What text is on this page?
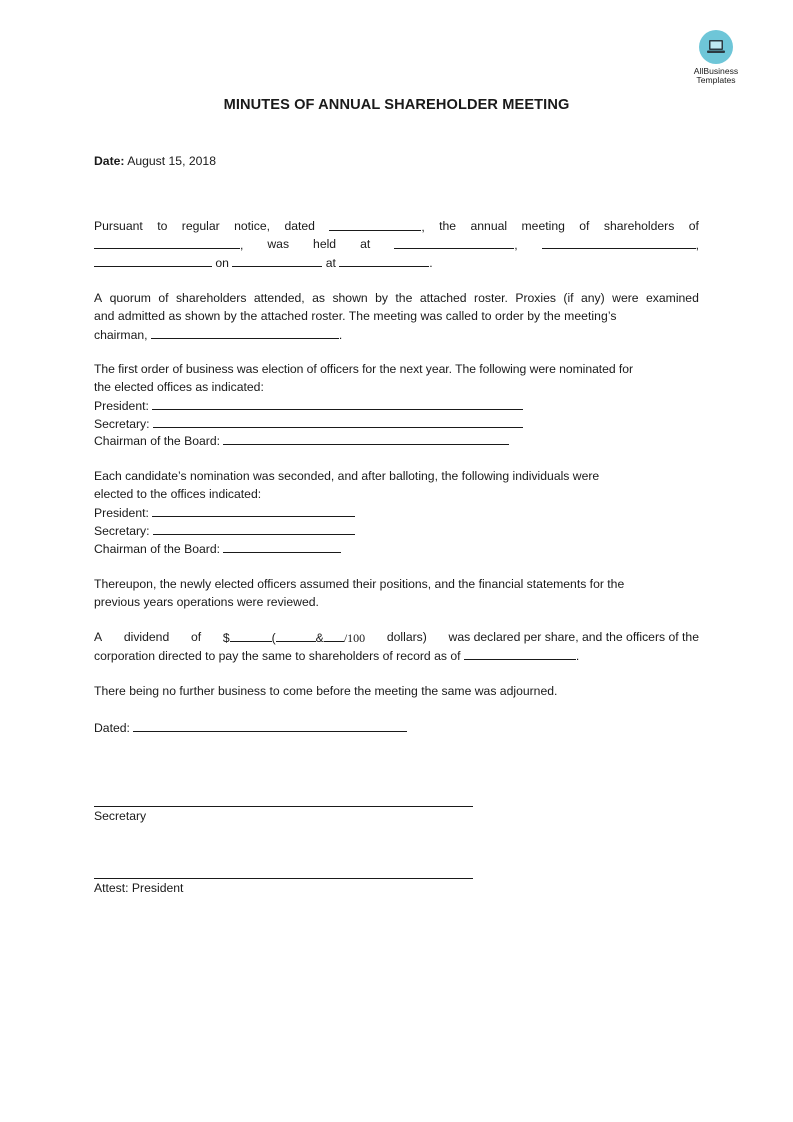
AllBusiness
Templates
MINUTES OF ANNUAL SHAREHOLDER MEETING
Date: August 15, 2018
Pursuant to regular notice, dated	, the annual meeting of shareholders of
, was held at	,	,
on	at	.
A quorum of shareholders attended, as shown by the attached roster. Proxies (if any) were examined
and admitted as shown by the attached roster. The meeting was called to order by the meeting’s
chairman,	.
The first order of business was election of officers for the next year. The following were nominated for
the elected offices as indicated:
President:
Secretary:
Chairman of the Board:
Each candidate’s nomination was seconded, and after balloting, the following individuals were
elected to the offices indicated:
President:
Secretary:
Chairman of the Board:
Thereupon, the newly elected officers assumed their positions, and the financial statements for the
previous years operations were reviewed.
A dividend of $	(	& /100 dollars) was declared per share, and the officers of the
corporation directed to pay the same to shareholders of record as of	.
There being no further business to come before the meeting the same was adjourned.
Dated:
Secretary
Attest: President
